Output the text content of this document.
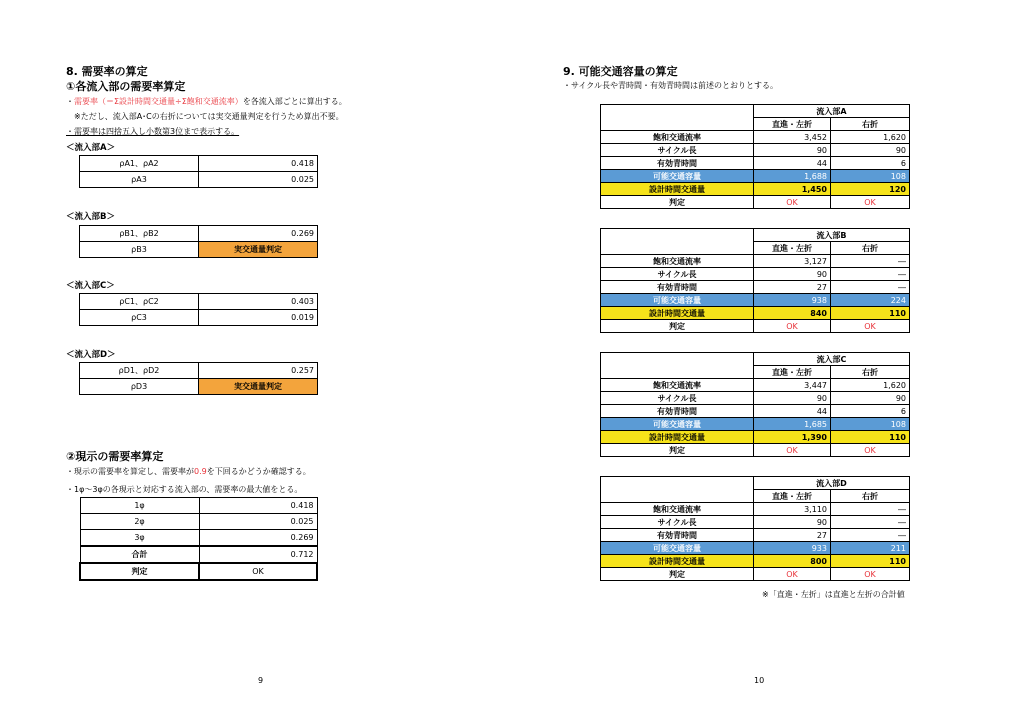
8. 需要率の算定
①各流入部の需要率算定
・需要率（＝Σ設計時間交通量÷Σ飽和交通流率）を各流入部ごとに算出する。
※ただし、流入部A･Cの右折については実交通量判定を行うため算出不要。
・需要率は四捨五入し小数第3位まで表示する。
＜流入部A＞
ρA1、ρA2	0.418
ρA3	0.025
＜流入部B＞
ρB1、ρB2	0.269
ρB3	実交通量判定
＜流入部C＞
ρC1、ρC2	0.403
ρC3	0.019
＜流入部D＞
ρD1、ρD2	0.257
ρD3	実交通量判定
②現示の需要率算定
・現示の需要率を算定し、需要率が0.9を下回るかどうか確認する。
・1φ～3φの各現示と対応する流入部の、需要率の最大値をとる。
1φ	0.418
2φ	0.025
3φ	0.269
合計	0.712
判定	OK
9
9. 可能交通容量の算定
・サイクル長や青時間・有効青時間は前述のとおりとする。
	流入部A	
	直進・左折	右折
飽和交通流率	3,452	1,620
サイクル長	90	90
有効青時間	44	6
可能交通容量	1,688	108
設計時間交通量	1,450	120
判定	OK	OK
	流入部B	
	直進・左折	右折
飽和交通流率	3,127	―
サイクル長	90	―
有効青時間	27	―
可能交通容量	938	224
設計時間交通量	840	110
判定	OK	OK
	流入部C	
	直進・左折	右折
飽和交通流率	3,447	1,620
サイクル長	90	90
有効青時間	44	6
可能交通容量	1,685	108
設計時間交通量	1,390	110
判定	OK	OK
	流入部D	
	直進・左折	右折
飽和交通流率	3,110	―
サイクル長	90	―
有効青時間	27	―
可能交通容量	933	211
設計時間交通量	800	110
判定	OK	OK
※「直進・左折」は直進と左折の合計値
10
